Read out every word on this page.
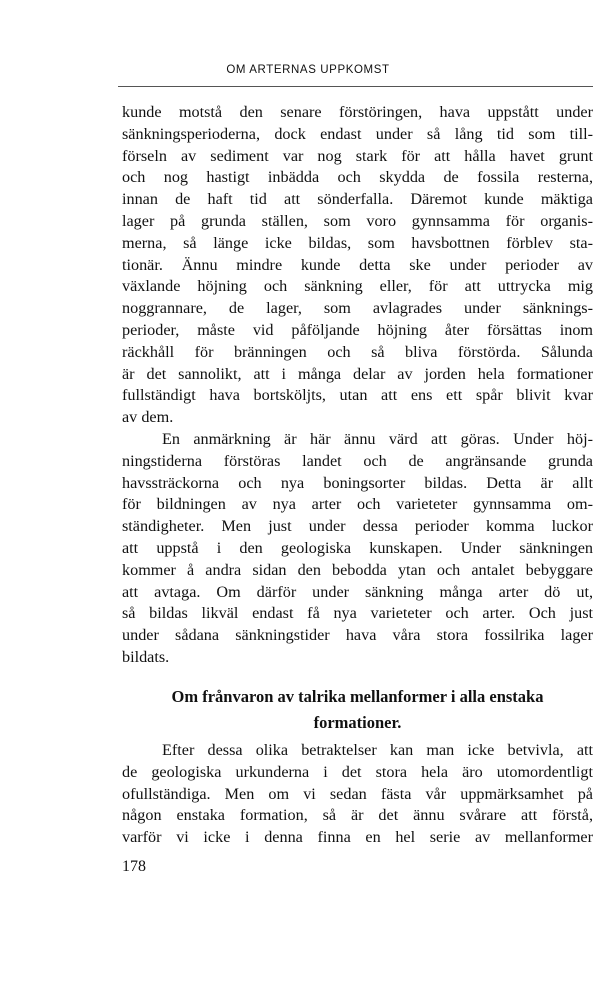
OM ARTERNAS UPPKOMST
kunde motstå den senare förstöringen, hava uppstått under
sänkningsperioderna, dock endast under så lång tid som till-
förseln av sediment var nog stark för att hålla havet grunt
och nog hastigt inbädda och skydda de fossila resterna,
innan de haft tid att sönderfalla. Däremot kunde mäktiga
lager på grunda ställen, som voro gynnsamma för organis-
merna, så länge icke bildas, som havsbottnen förblev sta-
tionär. Ännu mindre kunde detta ske under perioder av
växlande höjning och sänkning eller, för att uttrycka mig
noggrannare, de lager, som avlagrades under sänknings-
perioder, måste vid påföljande höjning åter försättas inom
räckhåll för bränningen och så bliva förstörda. Sålunda
är det sannolikt, att i många delar av jorden hela formationer
fullständigt hava bortsköljts, utan att ens ett spår blivit kvar
av dem.
En anmärkning är här ännu värd att göras. Under höj-
ningstiderna förstöras landet och de angränsande grunda
havssträckorna och nya boningsorter bildas. Detta är allt
för bildningen av nya arter och varieteter gynnsamma om-
ständigheter. Men just under dessa perioder komma luckor
att uppstå i den geologiska kunskapen. Under sänkningen
kommer å andra sidan den bebodda ytan och antalet bebyggare
att avtaga. Om därför under sänkning många arter dö ut,
så bildas likväl endast få nya varieteter och arter. Och just
under sådana sänkningstider hava våra stora fossilrika lager
bildats.
Om frånvaron av talrika mellanformer i alla enstaka
formationer.
Efter dessa olika betraktelser kan man icke betvivla, att
de geologiska urkunderna i det stora hela äro utomordentligt
ofullständiga. Men om vi sedan fästa vår uppmärksamhet på
någon enstaka formation, så är det ännu svårare att förstå,
varför vi icke i denna finna en hel serie av mellanformer
178
